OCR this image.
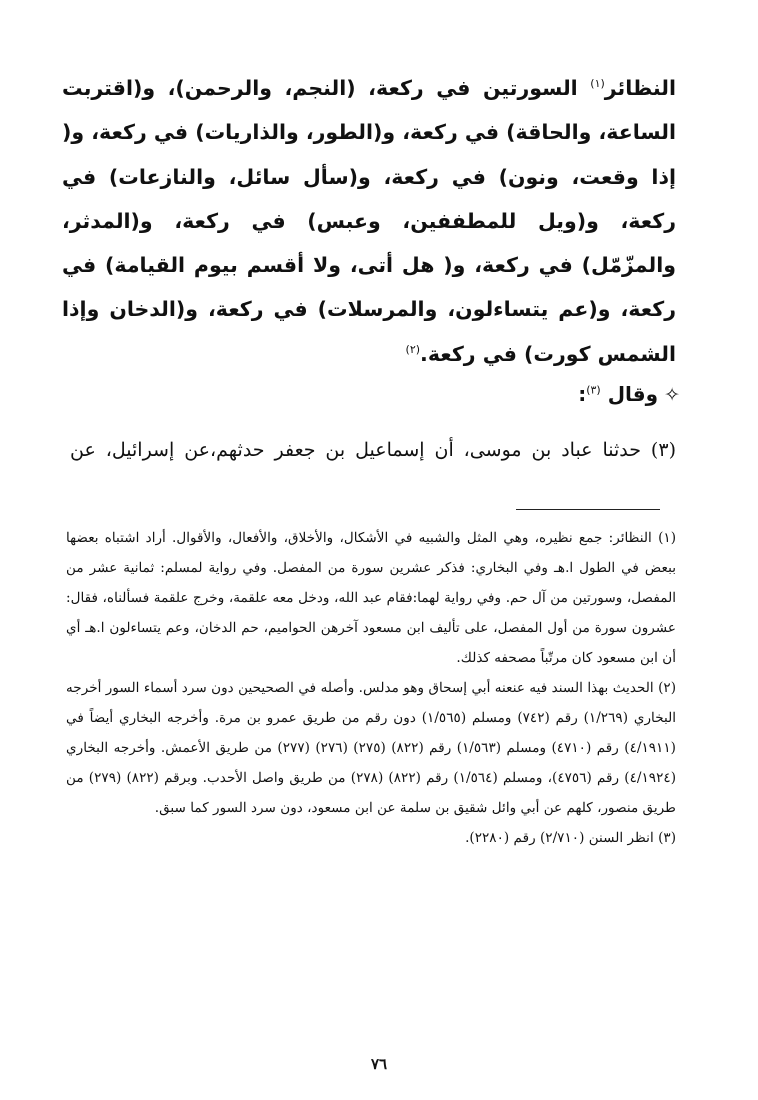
النظائر$^{(١)}$ السورتين في ركعة، (النجم، والرحمن)، و(اقتربت الساعة، والحاقة) في ركعة، و(الطور، والذاريات) في ركعة، و( إذا وقعت، ونون) في ركعة، و(سأل سائل، والنازعات) في ركعة، و(ويل للمطففين، وعبس) في ركعة، و(المدثر، والمزّمّل) في ركعة، و( هل أتى، ولا أقسم بيوم القيامة) في ركعة، و(عم يتساءلون، والمرسلات) في ركعة، و(الدخان وإذا الشمس كورت) في ركعة.$^{(٢)}$

✧وقال $^{(٣)}$:

(٣) حدثنا عباد بن موسى، أن إسماعيل بن جعفر حدثهم،عن إسرائيل، عن

(١) النظائر: جمع نظيره، وهي المثل والشبيه في الأشكال، والأخلاق، والأفعال، والأقوال. أراد اشتباه بعضها ببعض في الطول ا.هـ وفي البخاري: فذكر عشرين سورة من المفصل. وفي رواية لمسلم: ثمانية عشر من المفصل، وسورتين من آل حم. وفي رواية لهما:فقام عبد الله، ودخل معه علقمة، وخرج علقمة فسألناه، فقال: عشرون سورة من أول المفصل، على تأليف ابن مسعود آخرهن الحواميم، حم الدخان، وعم يتساءلون ا.هـ أي أن ابن مسعود كان مرتّباً مصحفه كذلك.

(٢) الحديث بهذا السند فيه عنعنه أبي إسحاق وهو مدلس. وأصله في الصحيحين دون سرد أسماء السور أخرجه البخاري (١/٢٦٩) رقم (٧٤٢) ومسلم (١/٥٦٥) دون رقم من طريق عمرو بن مرة. وأخرجه البخاري أيضاً في (٤/١٩١١) رقم (٤٧١٠) ومسلم (١/٥٦٣) رقم (٨٢٢) (٢٧٥) (٢٧٦) (٢٧٧) من طريق الأعمش. وأخرجه البخاري (٤/١٩٢٤) رقم (٤٧٥٦)، ومسلم (١/٥٦٤) رقم (٨٢٢) (٢٧٨) من طريق واصل الأحدب. وبرقم (٨٢٢) (٢٧٩) من طريق منصور، كلهم عن أبي وائل شقيق بن سلمة عن ابن مسعود، دون سرد السور كما سبق.

(٣) انظر السنن (٢/٧١٠) رقم (٢٢٨٠).

٧٦
